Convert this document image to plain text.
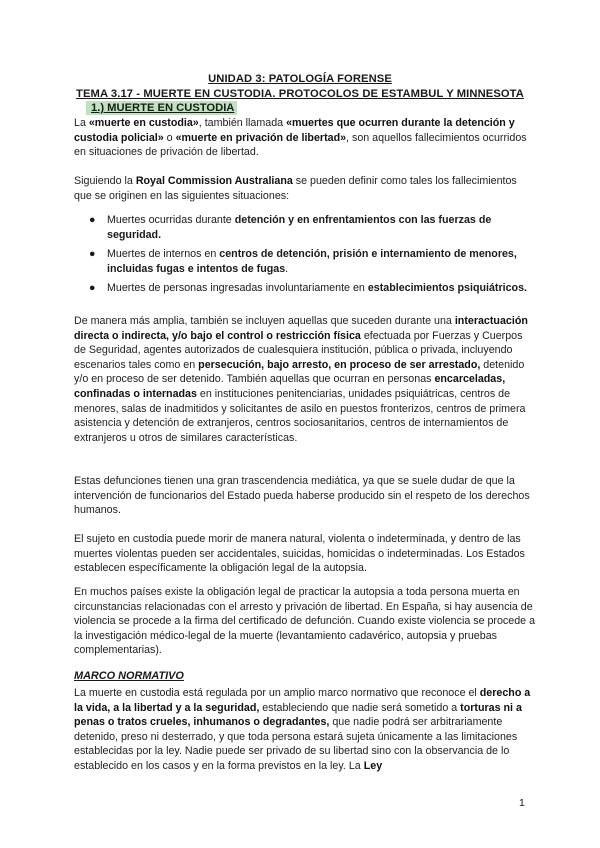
UNIDAD 3: PATOLOGÍA FORENSE
TEMA 3.17 - MUERTE EN CUSTODIA. PROTOCOLOS DE ESTAMBUL Y MINNESOTA
1.) MUERTE EN CUSTODIA

La «muerte en custodia», también llamada «muertes que ocurren durante la detención y custodia policial» o «muerte en privación de libertad», son aquellos fallecimientos ocurridos en situaciones de privación de libertad.

Siguiendo la Royal Commission Australiana se pueden definir como tales los fallecimientos que se originen en las siguientes situaciones:

● Muertes ocurridas durante detención y en enfrentamientos con las fuerzas de seguridad.
● Muertes de internos en centros de detención, prisión e internamiento de menores, incluidas fugas e intentos de fugas.
● Muertes de personas ingresadas involuntariamente en establecimientos psiquiátricos.

De manera más amplia, también se incluyen aquellas que suceden durante una interactuación directa o indirecta, y/o bajo el control o restricción física efectuada por Fuerzas y Cuerpos de Seguridad, agentes autorizados de cualesquiera institución, pública o privada, incluyendo escenarios tales como en persecución, bajo arresto, en proceso de ser arrestado, detenido y/o en proceso de ser detenido. También aquellas que ocurran en personas encarceladas, confinadas o internadas en instituciones penitenciarias, unidades psiquiátricas, centros de menores, salas de inadmitidos y solicitantes de asilo en puestos fronterizos, centros de primera asistencia y detención de extranjeros, centros sociosanitarios, centros de internamientos de extranjeros u otros de similares características.

Estas defunciones tienen una gran trascendencia mediática, ya que se suele dudar de que la intervención de funcionarios del Estado pueda haberse producido sin el respeto de los derechos humanos.

El sujeto en custodia puede morir de manera natural, violenta o indeterminada, y dentro de las muertes violentas pueden ser accidentales, suicidas, homicidas o indeterminadas. Los Estados establecen específicamente la obligación legal de la autopsia.

En muchos países existe la obligación legal de practicar la autopsia a toda persona muerta en circunstancias relacionadas con el arresto y privación de libertad. En España, si hay ausencia de violencia se procede a la firma del certificado de defunción. Cuando existe violencia se procede a la investigación médico-legal de la muerte (levantamiento cadavérico, autopsia y pruebas complementarias).

MARCO NORMATIVO

La muerte en custodia está regulada por un amplio marco normativo que reconoce el derecho a la vida, a la libertad y a la seguridad, estableciendo que nadie será sometido a torturas ni a penas o tratos crueles, inhumanos o degradantes, que nadie podrá ser arbitrariamente detenido, preso ni desterrado, y que toda persona estará sujeta únicamente a las limitaciones establecidas por la ley. Nadie puede ser privado de su libertad sino con la observancia de lo establecido en los casos y en la forma previstos en la ley. La Ley

1
